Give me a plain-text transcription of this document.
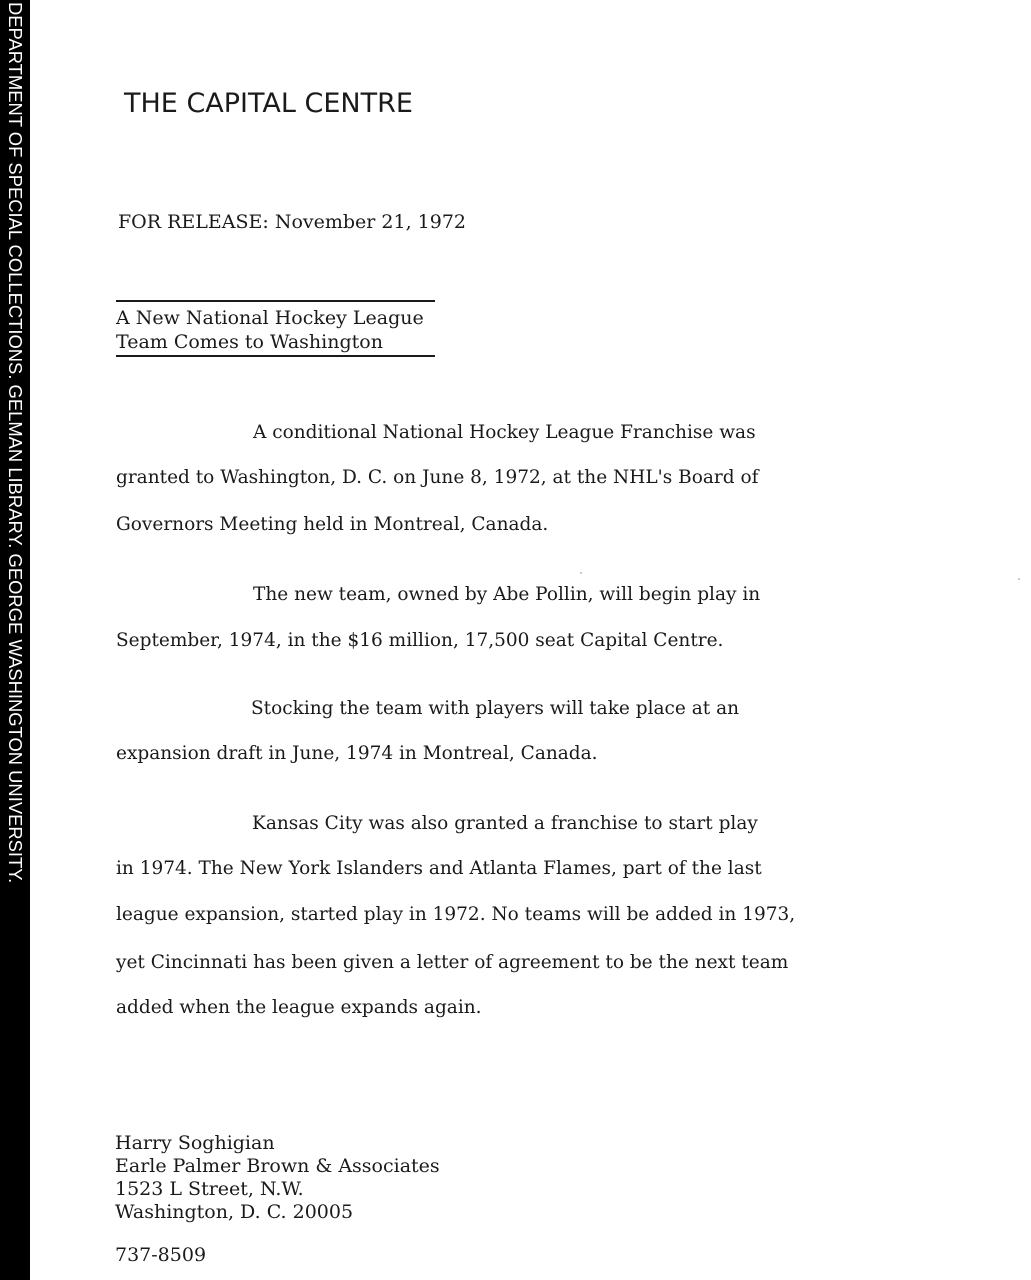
DEPARTMENT OF SPECIAL COLLECTIONS. GELMAN LIBRARY. GEORGE WASHINGTON UNIVERSITY.	THE CAPITAL CENTRE
FOR RELEASE: November 21, 1972
A New National Hockey League
Team Comes to Washington
A conditional National Hockey League Franchise was
granted to Washington, D. C. on June 8, 1972, at the NHL's Board of
Governors Meeting held in Montreal, Canada.
The new team, owned by Abe Pollin, will begin play in
September, 1974, in the $16 million, 17,500 seat Capital Centre.
Stocking the team with players will take place at an
expansion draft in June, 1974 in Montreal, Canada.
Kansas City was also granted a franchise to start play
in 1974. The New York Islanders and Atlanta Flames, part of the last
league expansion, started play in 1972. No teams will be added in 1973,
yet Cincinnati has been given a letter of agreement to be the next team
added when the league expands again.
Harry Soghigian
Earle Palmer Brown & Associates
1523 L Street, N.W.
Washington, D. C. 20005
737-8509
